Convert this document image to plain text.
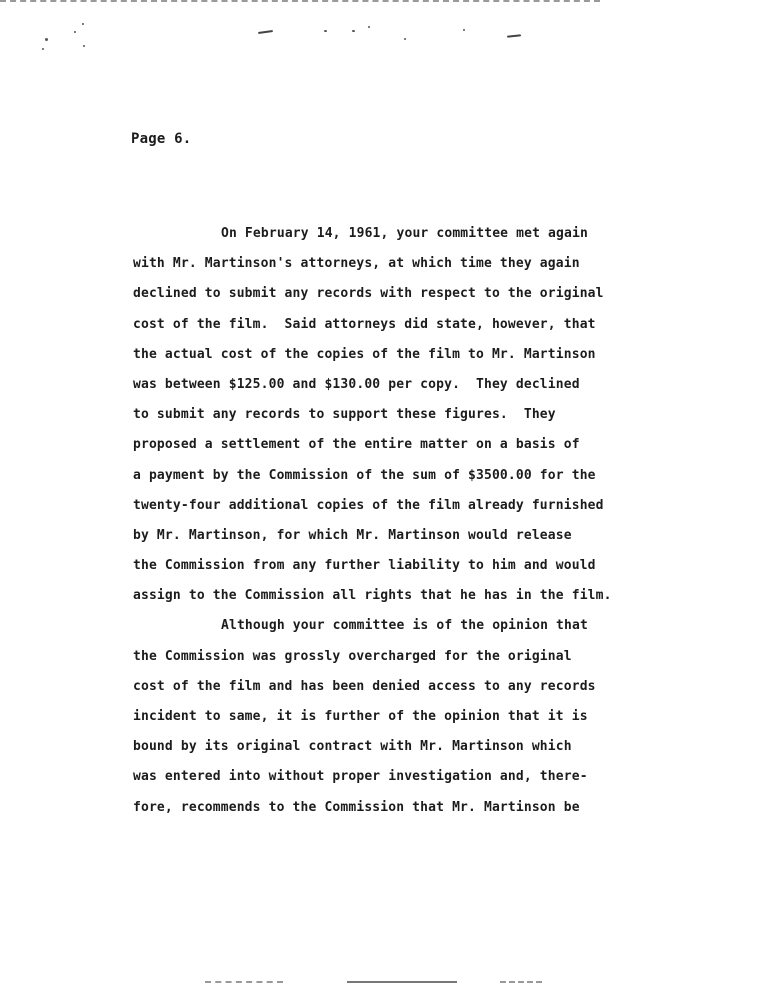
Page 6.
On February 14, 1961, your committee met again
with Mr. Martinson's attorneys, at which time they again
declined to submit any records with respect to the original
cost of the film.  Said attorneys did state, however, that
the actual cost of the copies of the film to Mr. Martinson
was between $125.00 and $130.00 per copy.  They declined
to submit any records to support these figures.  They
proposed a settlement of the entire matter on a basis of
a payment by the Commission of the sum of $3500.00 for the
twenty-four additional copies of the film already furnished
by Mr. Martinson, for which Mr. Martinson would release
the Commission from any further liability to him and would
assign to the Commission all rights that he has in the film.
Although your committee is of the opinion that
the Commission was grossly overcharged for the original
cost of the film and has been denied access to any records
incident to same, it is further of the opinion that it is
bound by its original contract with Mr. Martinson which
was entered into without proper investigation and, there-
fore, recommends to the Commission that Mr. Martinson be
